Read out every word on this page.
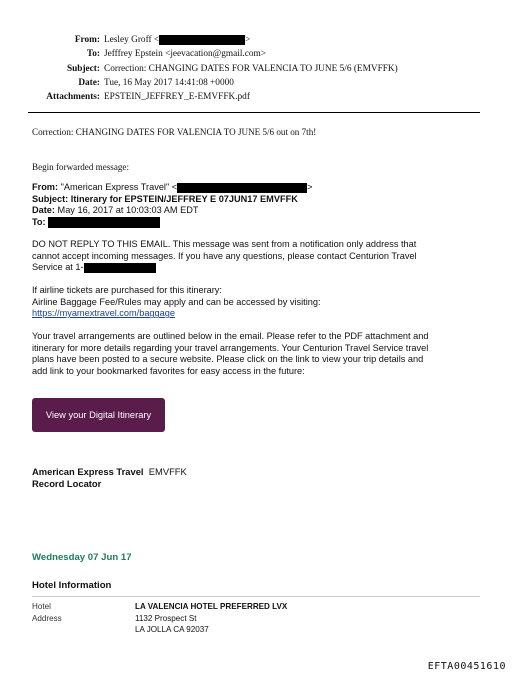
From: Lesley Groff <	>
To: Jefffrey Epstein <jeevacation@gmail.com>
Subject: Correction: CHANGING DATES FOR VALENCIA TO JUNE 5/6 (EMVFFK)
Date: Tue, 16 May 2017 14:41:08 +0000
Attachments: EPSTEIN_JEFFREY_E-EMVFFK.pdf
Correction: CHANGING DATES FOR VALENCIA TO JUNE 5/6 out on 7th!
Begin forwarded message:
From: "American Express Travel" <	>
Subject: Itinerary for EPSTEIN/JEFFREY E 07JUN17 EMVFFK
Date: May 16, 2017 at 10:03:03 AM EDT
To:
DO NOT REPLY TO THIS EMAIL. This message was sent from a notification only address that
cannot accept incoming messages. If you have any questions, please contact Centurion Travel
Service at 1-
If airline tickets are purchased for this itinerary:
Airline Baggage Fee/Rules may apply and can be accessed by visiting:
https://myamextravel.com/baggage
Your travel arrangements are outlined below in the email. Please refer to the PDF attachment and
itinerary for more details regarding your travel arrangements. Your Centurion Travel Service travel
plans have been posted to a secure website. Please click on the link to view your trip details and
add link to your bookmarked favorites for easy access in the future:
View your Digital Itinerary
American Express Travel EMVFFK
Record Locator
Wednesday 07 Jun 17
Hotel Information
Hotel
Address
LA VALENCIA HOTEL PREFERRED LVX
1132 Prospect St
LA JOLLA CA 92037
EFTA00451610
